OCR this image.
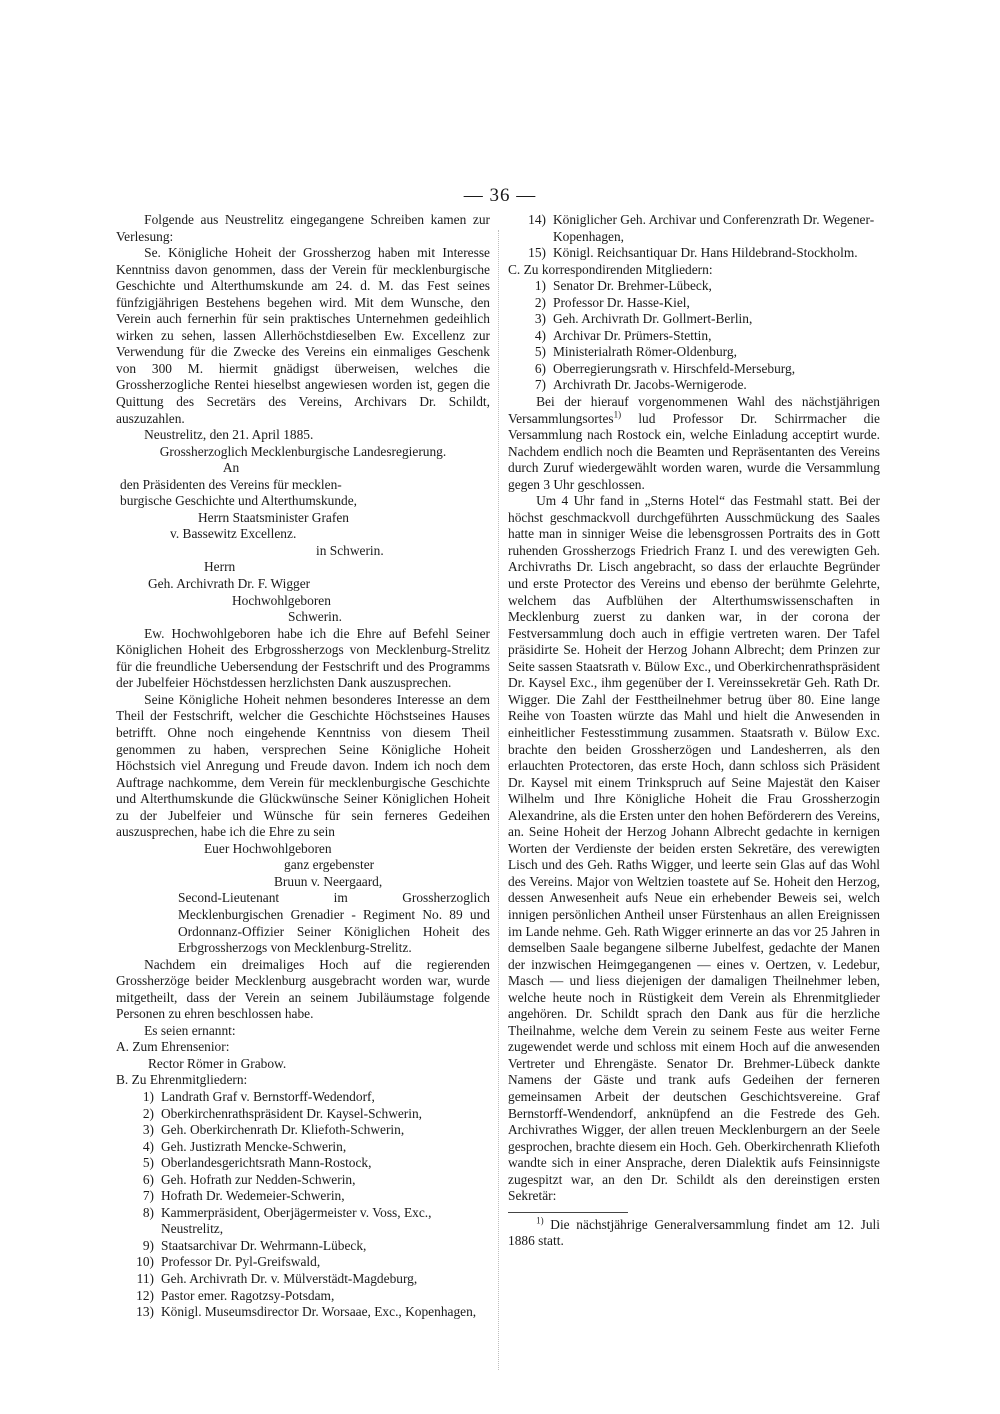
— 36 —

Folgende aus Neustrelitz eingegangene Schreiben kamen zur Verlesung:

Se. Königliche Hoheit der Grossherzog haben mit Interesse Kenntniss davon genommen, dass der Verein für mecklenburgische Geschichte und Alterthumskunde am 24. d. M. das Fest seines fünfzigjährigen Bestehens begehen wird. Mit dem Wunsche, den Verein auch fernerhin für sein praktisches Unternehmen gedeihlich wirken zu sehen, lassen Allerhöchstdieselben Ew. Excellenz zur Verwendung für die Zwecke des Vereins ein einmaliges Geschenk von 300 M. hiermit gnädigst überweisen, welches die Grossherzogliche Rentei hieselbst angewiesen worden ist, gegen die Quittung des Secretärs des Vereins, Archivars Dr. Schildt, auszuzahlen.

Neustrelitz, den 21. April 1885.

Grossherzoglich Mecklenburgische Landesregierung.

An

den Präsidenten des Vereins für mecklen-

burgische Geschichte und Alterthumskunde,

Herrn Staatsminister Grafen

v. Bassewitz Excellenz.

in Schwerin.

Herrn

Geh. Archivrath Dr. F. Wigger

Hochwohlgeboren

Schwerin.

Ew. Hochwohlgeboren habe ich die Ehre auf Befehl Seiner Königlichen Hoheit des Erbgrossherzogs von Mecklenburg-Strelitz für die freundliche Uebersendung der Festschrift und des Programms der Jubelfeier Höchstdessen herzlichsten Dank auszusprechen.

Seine Königliche Hoheit nehmen besonderes Interesse an dem Theil der Festschrift, welcher die Geschichte Höchstseines Hauses betrifft. Ohne noch eingehende Kenntniss von diesem Theil genommen zu haben, versprechen Seine Königliche Hoheit Höchstsich viel Anregung und Freude davon. Indem ich noch dem Auftrage nachkomme, dem Verein für mecklenburgische Geschichte und Alterthumskunde die Glückwünsche Seiner Königlichen Hoheit zu der Jubelfeier und Wünsche für sein ferneres Gedeihen auszusprechen, habe ich die Ehre zu sein

Euer Hochwohlgeboren

ganz ergebenster

Bruun v. Neergaard,

Second-Lieutenant im Grossherzoglich Mecklenburgischen Grenadier - Regiment No. 89 und Ordonnanz-Offizier Seiner Königlichen Hoheit des Erbgrossherzogs von Mecklenburg-Strelitz.

Nachdem ein dreimaliges Hoch auf die regierenden Grossherzöge beider Mecklenburg ausgebracht worden war, wurde mitgetheilt, dass der Verein an seinem Jubiläumstage folgende Personen zu ehren beschlossen habe.

Es seien ernannt:

A. Zum Ehrensenior:

Rector Römer in Grabow.

B. Zu Ehrenmitgliedern:

1) Landrath Graf v. Bernstorff-Wedendorf,
2) Oberkirchenrathspräsident Dr. Kaysel-Schwerin,
3) Geh. Oberkirchenrath Dr. Kliefoth-Schwerin,
4) Geh. Justizrath Mencke-Schwerin,
5) Oberlandesgerichtsrath Mann-Rostock,
6) Geh. Hofrath zur Nedden-Schwerin,
7) Hofrath Dr. Wedemeier-Schwerin,
8) Kammerpräsident, Oberjägermeister v. Voss, Exc., Neustrelitz,
9) Staatsarchivar Dr. Wehrmann-Lübeck,
10) Professor Dr. Pyl-Greifswald,
11) Geh. Archivrath Dr. v. Mülverstädt-Magdeburg,
12) Pastor emer. Ragotzsy-Potsdam,
13) Königl. Museumsdirector Dr. Worsaae, Exc., Kopenhagen,
14) Königlicher Geh. Archivar und Conferenzrath Dr. Wegener-Kopenhagen,
15) Königl. Reichsantiquar Dr. Hans Hildebrand-Stockholm.

C. Zu korrespondirenden Mitgliedern:

1) Senator Dr. Brehmer-Lübeck,
2) Professor Dr. Hasse-Kiel,
3) Geh. Archivrath Dr. Gollmert-Berlin,
4) Archivar Dr. Prümers-Stettin,
5) Ministerialrath Römer-Oldenburg,
6) Oberregierungsrath v. Hirschfeld-Merseburg,
7) Archivrath Dr. Jacobs-Wernigerode.

Bei der hierauf vorgenommenen Wahl des nächstjährigen Versammlungsortes$^{1)}$ lud Professor Dr. Schirrmacher die Versammlung nach Rostock ein, welche Einladung acceptirt wurde. Nachdem endlich noch die Beamten und Repräsentanten des Vereins durch Zuruf wiedergewählt worden waren, wurde die Versammlung gegen 3 Uhr geschlossen.

Um 4 Uhr fand in „Sterns Hotel“ das Festmahl statt. Bei der höchst geschmackvoll durchgeführten Ausschmückung des Saales hatte man in sinniger Weise die lebensgrossen Portraits des in Gott ruhenden Grossherzogs Friedrich Franz I. und des verewigten Geh. Archivraths Dr. Lisch angebracht, so dass der erlauchte Begründer und erste Protector des Vereins und ebenso der berühmte Gelehrte, welchem das Aufblühen der Alterthumswissenschaften in Mecklenburg zuerst zu danken war, in der corona der Festversammlung doch auch in effigie vertreten waren. Der Tafel präsidirte Se. Hoheit der Herzog Johann Albrecht; dem Prinzen zur Seite sassen Staatsrath v. Bülow Exc., und Oberkirchenrathspräsident Dr. Kaysel Exc., ihm gegenüber der I. Vereinssekretär Geh. Rath Dr. Wigger. Die Zahl der Festtheilnehmer betrug über 80. Eine lange Reihe von Toasten würzte das Mahl und hielt die Anwesenden in einheitlicher Festesstimmung zusammen. Staatsrath v. Bülow Exc. brachte den beiden Grossherzögen und Landesherren, als den erlauchten Protectoren, das erste Hoch, dann schloss sich Präsident Dr. Kaysel mit einem Trinkspruch auf Seine Majestät den Kaiser Wilhelm und Ihre Königliche Hoheit die Frau Grossherzogin Alexandrine, als die Ersten unter den hohen Beförderern des Vereins, an. Seine Hoheit der Herzog Johann Albrecht gedachte in kernigen Worten der Verdienste der beiden ersten Sekretäre, des verewigten Lisch und des Geh. Raths Wigger, und leerte sein Glas auf das Wohl des Vereins. Major von Weltzien toastete auf Se. Hoheit den Herzog, dessen Anwesenheit aufs Neue ein erhebender Beweis sei, welch innigen persönlichen Antheil unser Fürstenhaus an allen Ereignissen im Lande nehme. Geh. Rath Wigger erinnerte an das vor 25 Jahren in demselben Saale begangene silberne Jubelfest, gedachte der Manen der inzwischen Heimgegangenen — eines v. Oertzen, v. Ledebur, Masch — und liess diejenigen der damaligen Theilnehmer leben, welche heute noch in Rüstigkeit dem Verein als Ehrenmitglieder angehören. Dr. Schildt sprach den Dank aus für die herzliche Theilnahme, welche dem Verein zu seinem Feste aus weiter Ferne zugewendet werde und schloss mit einem Hoch auf die anwesenden Vertreter und Ehrengäste. Senator Dr. Brehmer-Lübeck dankte Namens der Gäste und trank aufs Gedeihen der ferneren gemeinsamen Arbeit der deutschen Geschichtsvereine. Graf Bernstorff-Wendendorf, anknüpfend an die Festrede des Geh. Archivrathes Wigger, der allen treuen Mecklenburgern an der Seele gesprochen, brachte diesem ein Hoch. Geh. Oberkirchenrath Kliefoth wandte sich in einer Ansprache, deren Dialektik aufs Feinsinnigste zugespitzt war, an den Dr. Schildt als den dereinstigen ersten Sekretär:

$^{1)}$ Die nächstjährige Generalversammlung findet am 12. Juli 1886 statt.
